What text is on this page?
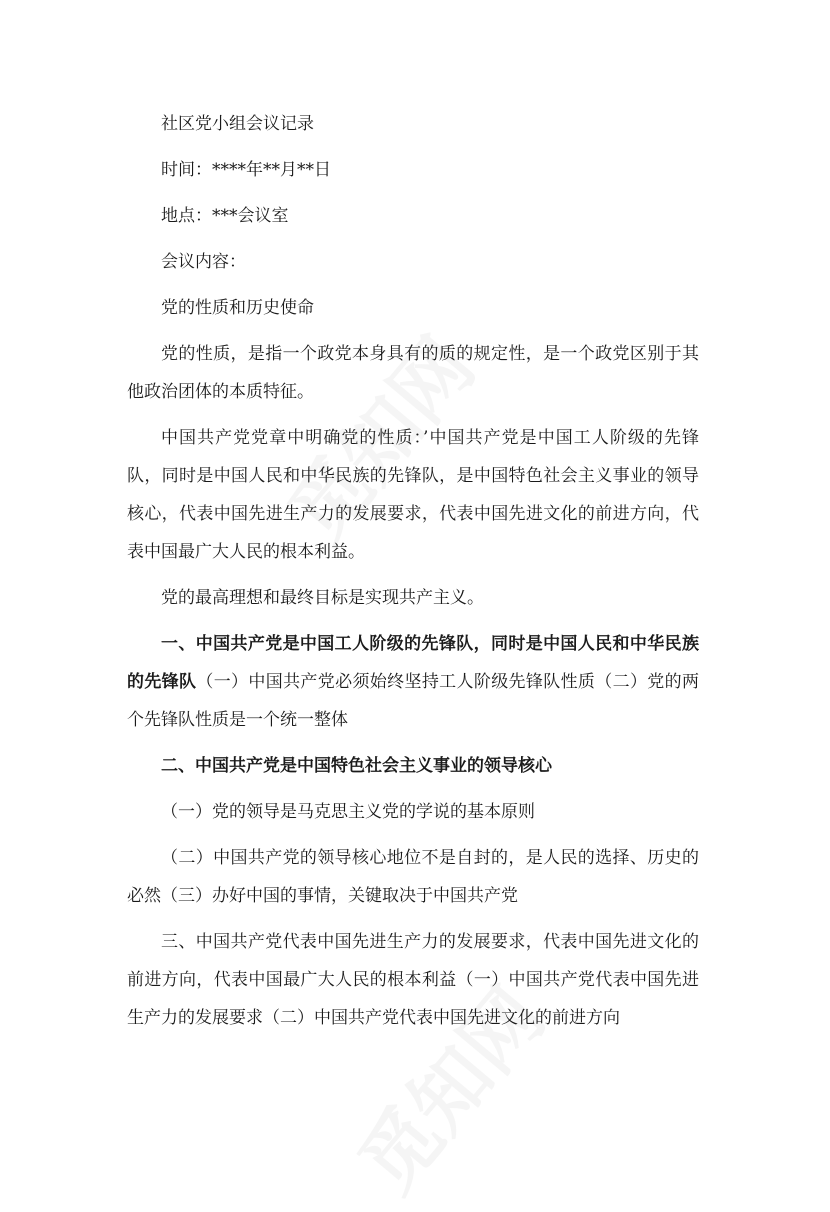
社区党小组会议记录

时间：****年**月**日

地点：***会议室

会议内容：

党的性质和历史使命

党的性质，是指一个政党本身具有的质的规定性，是一个政党区别于其他政治团体的本质特征。

中国共产党党章中明确党的性质：’中国共产党是中国工人阶级的先锋队，同时是中国人民和中华民族的先锋队，是中国特色社会主义事业的领导核心，代表中国先进生产力的发展要求，代表中国先进文化的前进方向，代表中国最广大人民的根本利益。

党的最高理想和最终目标是实现共产主义。

一、中国共产党是中国工人阶级的先锋队，同时是中国人民和中华民族的先锋队（一）中国共产党必须始终坚持工人阶级先锋队性质（二）党的两个先锋队性质是一个统一整体

二、中国共产党是中国特色社会主义事业的领导核心

（一）党的领导是马克思主义党的学说的基本原则

（二）中国共产党的领导核心地位不是自封的，是人民的选择、历史的必然（三）办好中国的事情，关键取决于中国共产党

三、中国共产党代表中国先进生产力的发展要求，代表中国先进文化的前进方向，代表中国最广大人民的根本利益（一）中国共产党代表中国先进生产力的发展要求（二）中国共产党代表中国先进文化的前进方向
